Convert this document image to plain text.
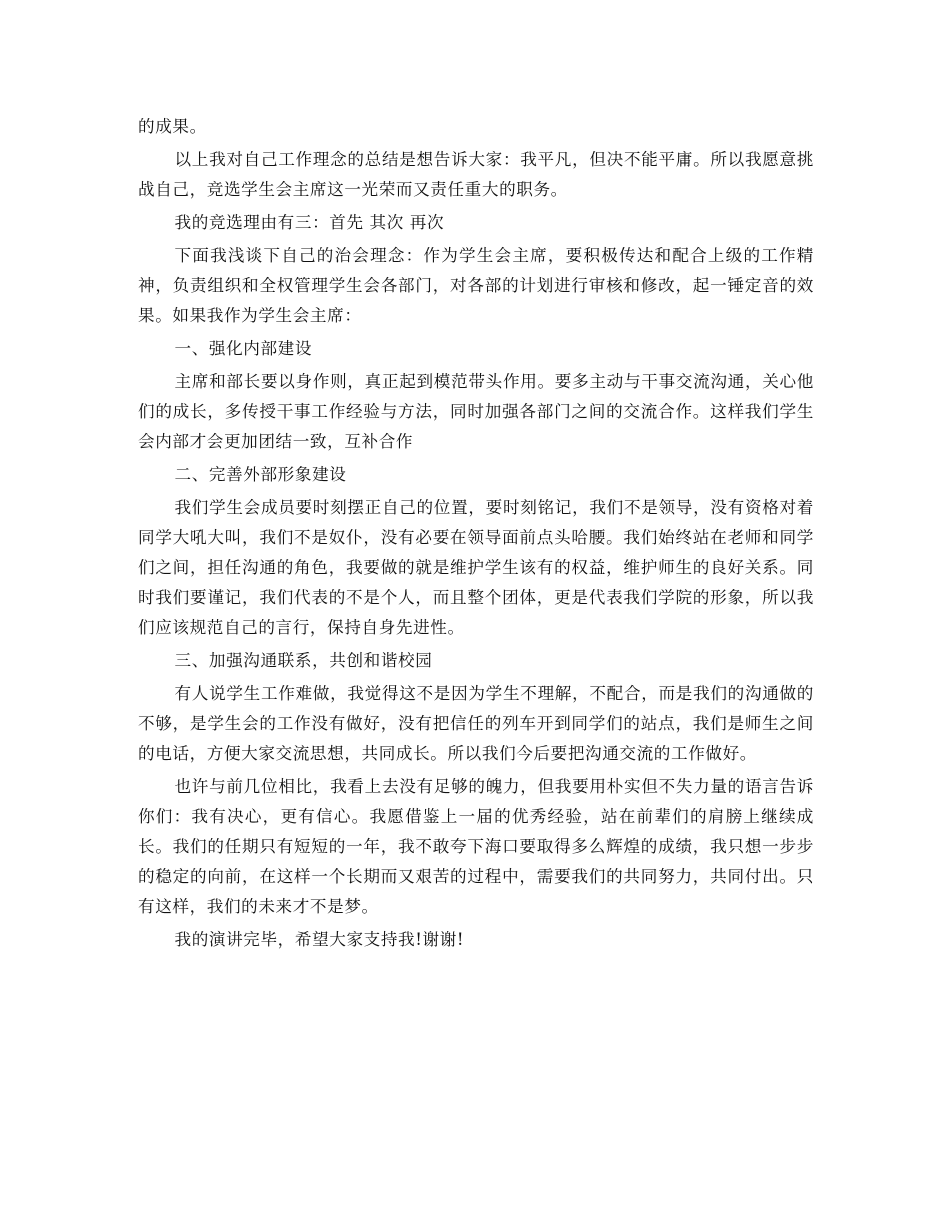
的成果。

以上我对自己工作理念的总结是想告诉大家：我平凡，但决不能平庸。所以我愿意挑战自己，竞选学生会主席这一光荣而又责任重大的职务。

我的竞选理由有三：首先 其次 再次

下面我浅谈下自己的治会理念：作为学生会主席，要积极传达和配合上级的工作精神，负责组织和全权管理学生会各部门，对各部的计划进行审核和修改，起一锤定音的效果。如果我作为学生会主席：

一、强化内部建设

主席和部长要以身作则，真正起到模范带头作用。要多主动与干事交流沟通，关心他们的成长，多传授干事工作经验与方法，同时加强各部门之间的交流合作。这样我们学生会内部才会更加团结一致，互补合作

二、完善外部形象建设

我们学生会成员要时刻摆正自己的位置，要时刻铭记，我们不是领导，没有资格对着同学大吼大叫，我们不是奴仆，没有必要在领导面前点头哈腰。我们始终站在老师和同学们之间，担任沟通的角色，我要做的就是维护学生该有的权益，维护师生的良好关系。同时我们要谨记，我们代表的不是个人，而且整个团体，更是代表我们学院的形象，所以我们应该规范自己的言行，保持自身先进性。

三、加强沟通联系，共创和谐校园

有人说学生工作难做，我觉得这不是因为学生不理解，不配合，而是我们的沟通做的不够，是学生会的工作没有做好，没有把信任的列车开到同学们的站点，我们是师生之间的电话，方便大家交流思想，共同成长。所以我们今后要把沟通交流的工作做好。

也许与前几位相比，我看上去没有足够的魄力，但我要用朴实但不失力量的语言告诉你们：我有决心，更有信心。我愿借鉴上一届的优秀经验，站在前辈们的肩膀上继续成长。我们的任期只有短短的一年，我不敢夸下海口要取得多么辉煌的成绩，我只想一步步的稳定的向前，在这样一个长期而又艰苦的过程中，需要我们的共同努力，共同付出。只有这样，我们的未来才不是梦。

我的演讲完毕，希望大家支持我!谢谢!
